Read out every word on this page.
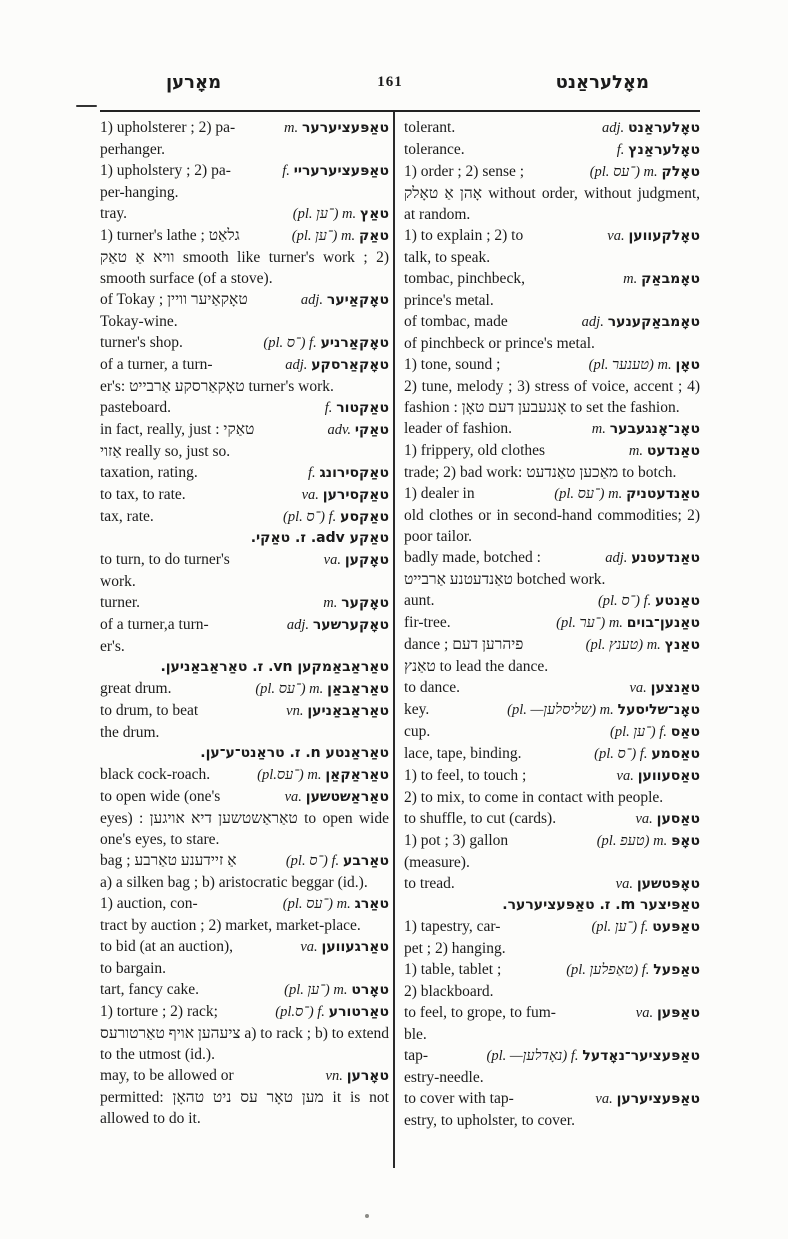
מאָרען	161	מאָלעראַנט
1) upholsterer ; 2) pa-	m. טאַפּעציערער
perhanger.
1) upholstery ; 2) pa-	f. טאַפּעציערעריי
per-hanging.
tray.	(pl. ־ען) m. טאַץ
1) turner's lathe ; גלאַט	(pl. ־ען) m. טאַק
וויא אַ טאַק smooth like turner's work ; 2) smooth surface (of a stove).
of Tokay ; טאָקאַיער וויין	adj. טאָקאַיער
Tokay-wine.
turner's shop.	(pl. ־ס) f. טאָקאַרניע
of a turner, a turn-	adj. טאָקאַרסקע
er's: טאָקאַרסקע אַרבייט turner's work.
pasteboard.	f. טאַקטור
in fact, really, just : טאַקי	adv. טאַקי
אַזוי really so, just so.
taxation, rating.	f. טאַקסירונג
to tax, to rate.	va. טאַקסירען
tax, rate.	(pl. ־ס) f. טאַקסע
טאַקע adv. ז. טאַקי.
to turn, to do turner's	va. טאָקען
work.
turner.	m. טאָקער
of a turner,a turn-	adj. טאָקערשער
er's.
טאַראַבאַמקען vn. ז. טאַראַבאַניען.
great drum.	(pl. ־עס) m. טאַראַבאַן
to drum, to beat	vn. טאַראַבאַניען
the drum.
טאַראַנטע n. ז. טראַנט־ע־ען.
black cock-roach.	(pl.־עס) m. טאַראַקאַן
to open wide (one's	va. טאַראַשטשען
eyes) : טאַראַשטשען דיא אויגען to open wide one's eyes, to stare.
bag ; אַ זיידענע טאַרבע	(pl. ־ס) f. טאַרבע
a) a silken bag ; b) aristocratic beggar (id.).
1) auction, con-	(pl. ־עס) m. טאַרג
tract by auction ; 2) market, market-place.
to bid (at an auction),	va. טאַרגעווען
to bargain.
tart, fancy cake.	(pl. ־ען) m. טאָרט
1) torture ; 2) rack;	(pl.־ס) f. טאַרטורע
ציעהען אויף טאַרטורעס a) to rack ; b) to extend to the utmost (id.).
may, to be allowed or	vn. טאָרען
permitted: מען טאָר עס ניט טהאָן it is not allowed to do it.
tolerant.	adj. טאָלעראַנט
tolerance.	f. טאָלעראַנץ
1) order ; 2) sense ;	(pl. ־עס) m. טאָלק
אָהן אַ טאָלק without order, without judgment, at random.
1) to explain ; 2) to	va. טאָלקעווען
talk, to speak.
tombac, pinchbeck,	m. טאָמבאַק
prince's metal.
of tombac, made	adj. טאָמבאַקענער
of pinchbeck or prince's metal.
1) tone, sound ;	(pl. טענער) m. טאָן
2) tune, melody ; 3) stress of voice, accent ; 4) fashion : אָנגעבען דעם טאָן to set the fashion.
leader of fashion.	m. טאָנ־אָנגעבער
1) frippery, old clothes	m. טאַנדעט
trade; 2) bad work: מאַכען טאַנדעט to botch.
1) dealer in	(pl. ־עס) m. טאַנדעטניק
old clothes or in second-hand commodities; 2) poor tailor.
badly made, botched :	adj. טאַנדעטנע
טאַנדעטנע אַרבייט botched work.
aunt.	(pl. ־ס) f. טאַנטע
fir-tree.	(pl. ־ער) m. טאַנען־בוים
dance ; פיהרען דעם	(pl. טענץ) m. טאַנץ
טאַנץ to lead the dance.
to dance.	va. טאַנצען
key.	(pl. —שליסלען) m. טאָנ־שליסעל
cup.	(pl. ־ען) f. טאַס
lace, tape, binding.	(pl. ־ס) f. טאַסמע
1) to feel, to touch ;	va. טאַסעווען
2) to mix, to come in contact with people.
to shuffle, to cut (cards).	va. טאַסען
1) pot ; 3) gallon	(pl. טעפ) m. טאָפּ
(measure).
to tread.	va. טאָפּטשען
טאַפּיצער m. ז. טאַפּעציערער.
1) tapestry, car-	(pl. ־ען) f. טאַפּעט
pet ; 2) hanging.
1) table, tablet ;	(pl. טאַפלען) f. טאַפעל
2) blackboard.
to feel, to grope, to fum-	va. טאַפּען
ble.
tap-	(pl. —נאָדלען) f. טאַפּעציער־נאָדעל
estry-needle.
to cover with tap-	va. טאַפּעציערען
estry, to upholster, to cover.
